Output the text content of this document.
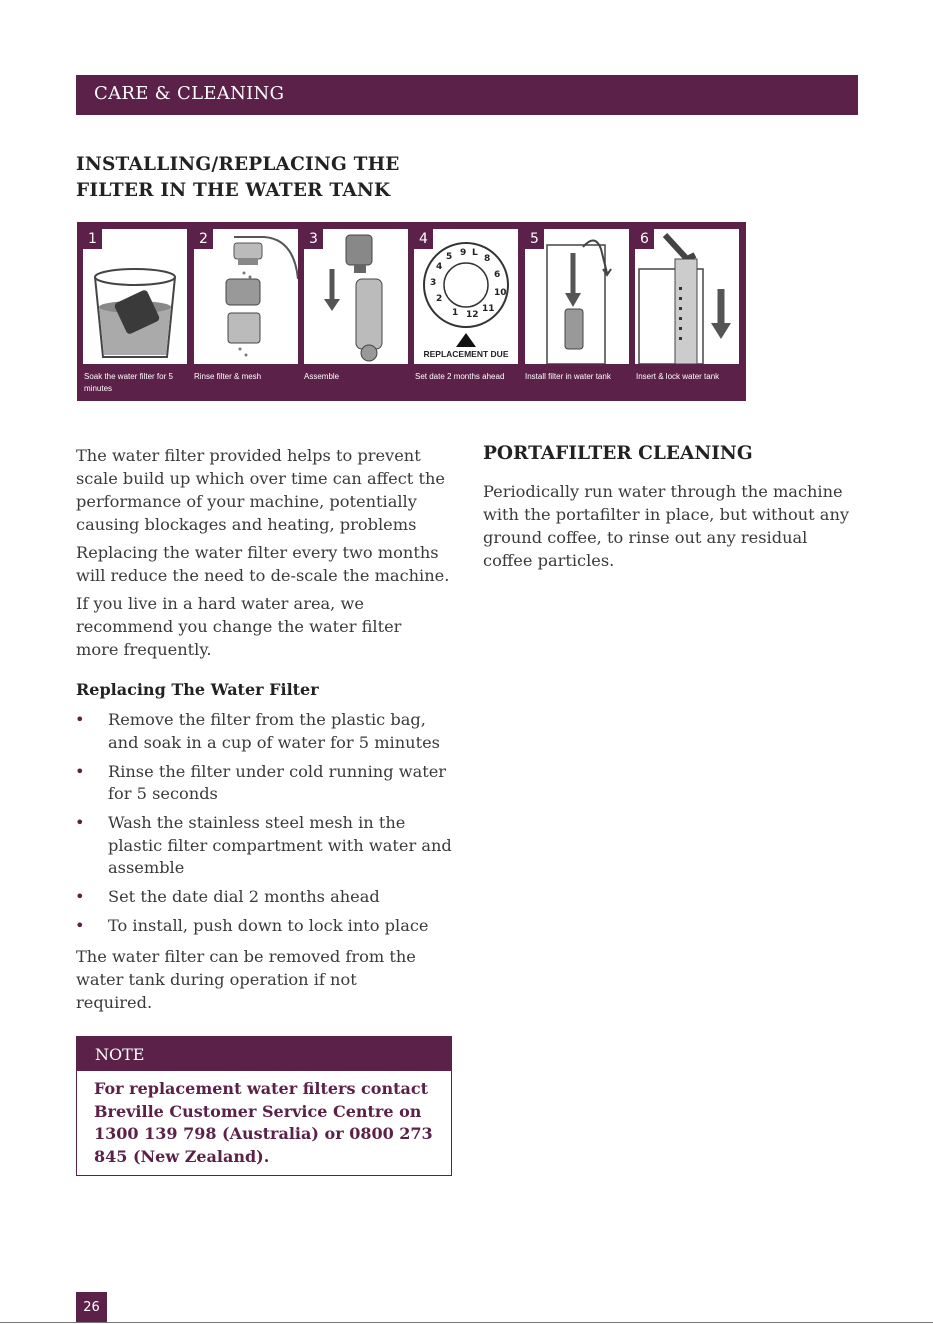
CARE & CLEANING
INSTALLING/REPLACING THE
FILTER IN THE WATER TANK
1	2	3
9 L
8
6
10
11
12
1
2
3
4
5
4
REPLACEMENT DUE
5	6
Soak the water filter for 5 minutes
Rinse filter & mesh	Assemble	Set date 2 months ahead	Install filter in water tank	Insert & lock water tank
The water filter provided helps to prevent scale build up which over time can affect the performance of your machine, potentially causing blockages and heating, problems
Replacing the water filter every two months will reduce the need to de-scale the machine.
If you live in a hard water area, we recommend you change the water filter more frequently.
Replacing The Water Filter
• Remove the filter from the plastic bag, and soak in a cup of water for 5 minutes
• Rinse the filter under cold running water for 5 seconds
• Wash the stainless steel mesh in the plastic filter compartment with water and assemble
• Set the date dial 2 months ahead
• To install, push down to lock into place
The water filter can be removed from the water tank during operation if not required.
NOTE
For replacement water filters contact Breville Customer Service Centre on 1300 139 798 (Australia) or 0800 273 845 (New Zealand).
PORTAFILTER CLEANING
Periodically run water through the machine with the portafilter in place, but without any ground coffee, to rinse out any residual coffee particles.
26
